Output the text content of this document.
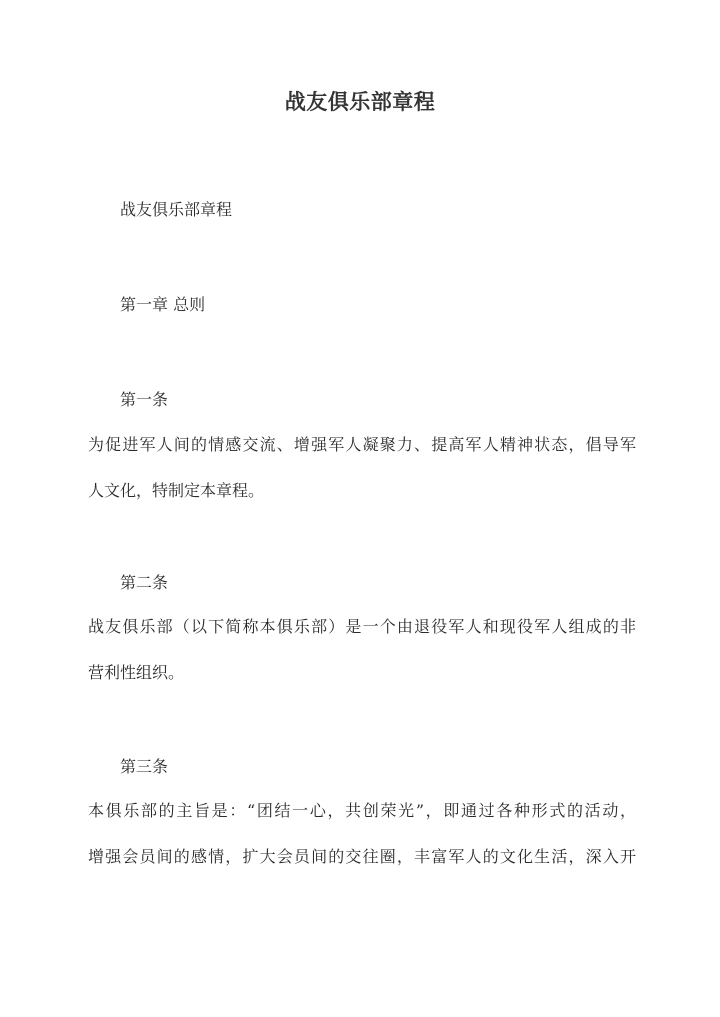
战友俱乐部章程
战友俱乐部章程
第一章 总则
第一条
为促进军人间的情感交流、增强军人凝聚力、提高军人精神状态，倡导军
人文化，特制定本章程。
第二条
战友俱乐部（以下简称本俱乐部）是一个由退役军人和现役军人组成的非
营利性组织。
第三条
本俱乐部的主旨是：“团结一心，共创荣光”，即通过各种形式的活动，
增强会员间的感情，扩大会员间的交往圈，丰富军人的文化生活，深入开
